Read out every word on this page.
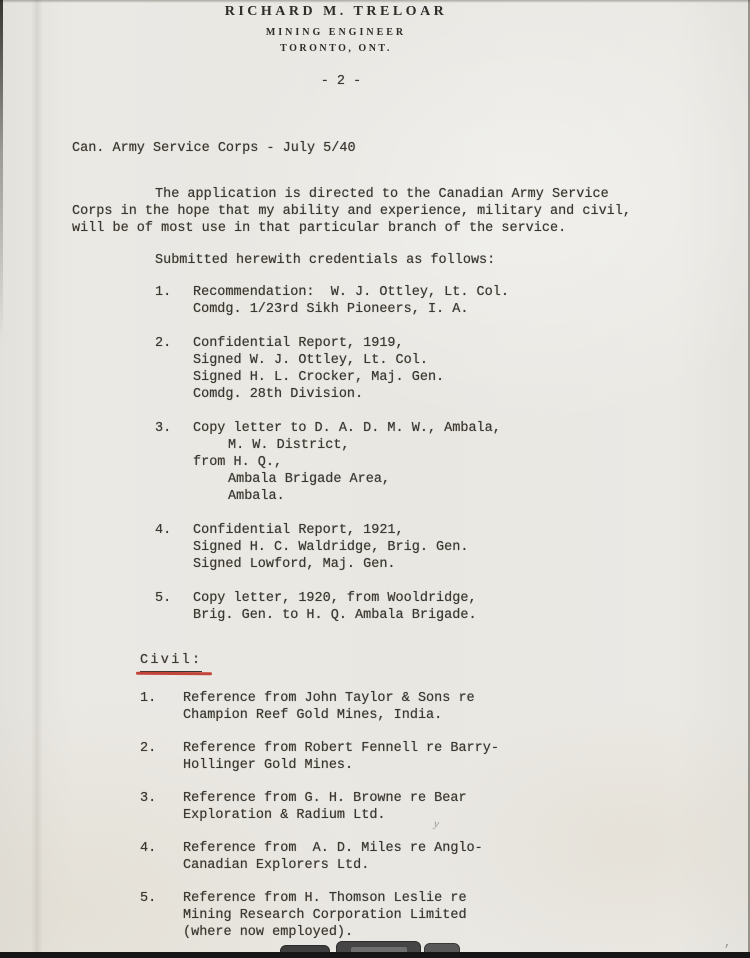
RICHARD M. TRELOAR
MINING ENGINEER
TORONTO, ONT.
- 2 -
Can. Army Service Corps - July 5/40
The application is directed to the Canadian Army Service
Corps in the hope that my ability and experience, military and civil,
will be of most use in that particular branch of the service.
Submitted herewith credentials as follows:
1.	Recommendation:  W. J. Ottley, Lt. Col.
Comdg. 1/23rd Sikh Pioneers, I. A.
2.	Confidential Report, 1919,
Signed W. J. Ottley, Lt. Col.
Signed H. L. Crocker, Maj. Gen.
Comdg. 28th Division.
3.	Copy letter to D. A. D. M. W., Ambala,
M. W. District,
from H. Q.,
Ambala Brigade Area,
Ambala.
4.	Confidential Report, 1921,
Signed H. C. Waldridge, Brig. Gen.
Signed Lowford, Maj. Gen.
5.	Copy letter, 1920, from Wooldridge,
Brig. Gen. to H. Q. Ambala Brigade.
Civil:
1.	Reference from John Taylor & Sons re
Champion Reef Gold Mines, India.
2.	Reference from Robert Fennell re Barry-
Hollinger Gold Mines.
3.	Reference from G. H. Browne re Bear
Exploration & Radium Ltd.
4.	Reference from  A. D. Miles re Anglo-
Canadian Explorers Ltd.
5.	Reference from H. Thomson Leslie re
Mining Research Corporation Limited
(where now employed).
y
,
